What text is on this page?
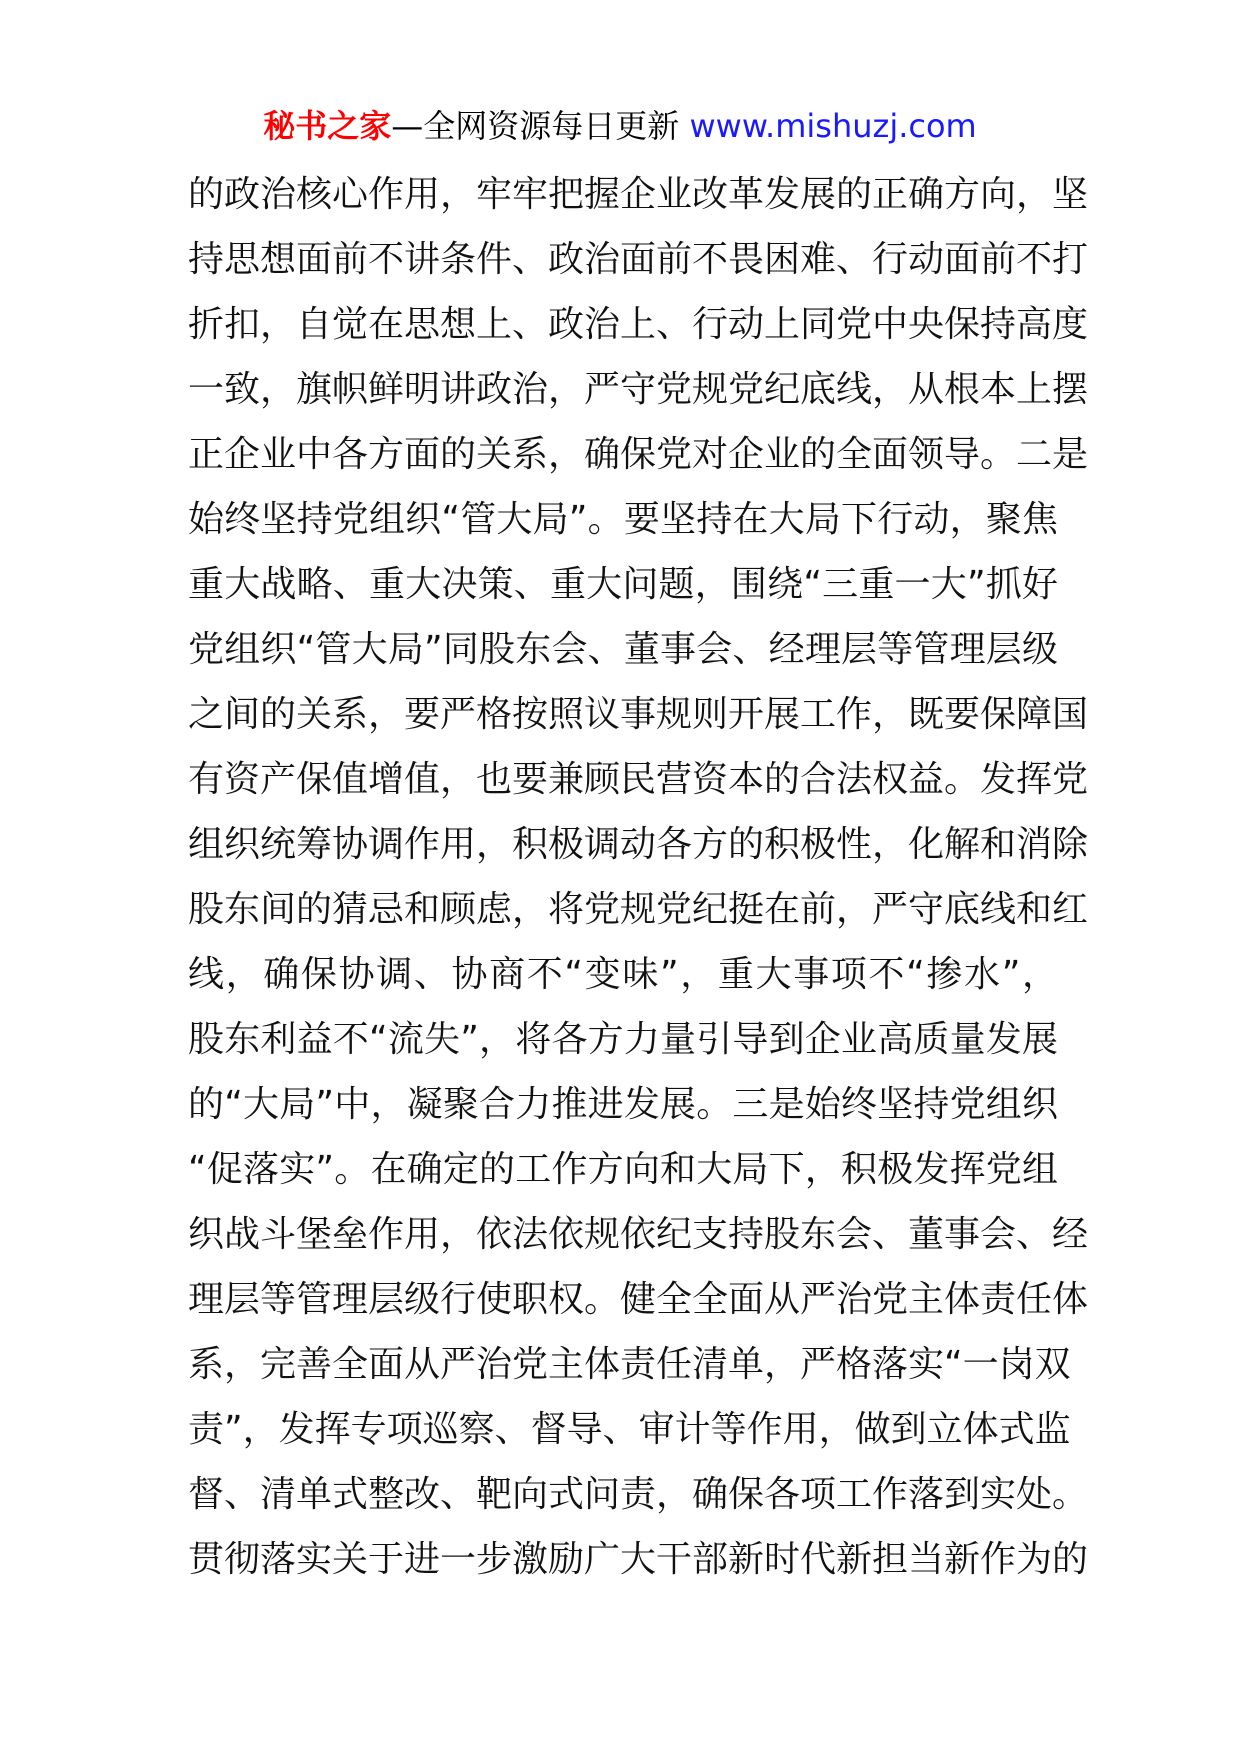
秘书之家—全网资源每日更新 www.mishuzj.com
的政治核心作用，牢牢把握企业改革发展的正确方向，坚
持思想面前不讲条件、政治面前不畏困难、行动面前不打
折扣，自觉在思想上、政治上、行动上同党中央保持高度
一致，旗帜鲜明讲政治，严守党规党纪底线，从根本上摆
正企业中各方面的关系，确保党对企业的全面领导。二是
始终坚持党组织“管大局”。要坚持在大局下行动，聚焦
重大战略、重大决策、重大问题，围绕“三重一大”抓好
党组织“管大局”同股东会、董事会、经理层等管理层级
之间的关系，要严格按照议事规则开展工作，既要保障国
有资产保值增值，也要兼顾民营资本的合法权益。发挥党
组织统筹协调作用，积极调动各方的积极性，化解和消除
股东间的猜忌和顾虑，将党规党纪挺在前，严守底线和红
线，确保协调、协商不“变味”，重大事项不“掺水”，
股东利益不“流失”，将各方力量引导到企业高质量发展
的“大局”中，凝聚合力推进发展。三是始终坚持党组织
“促落实”。在确定的工作方向和大局下，积极发挥党组
织战斗堡垒作用，依法依规依纪支持股东会、董事会、经
理层等管理层级行使职权。健全全面从严治党主体责任体
系，完善全面从严治党主体责任清单，严格落实“一岗双
责”，发挥专项巡察、督导、审计等作用，做到立体式监
督、清单式整改、靶向式问责，确保各项工作落到实处。
贯彻落实关于进一步激励广大干部新时代新担当新作为的
